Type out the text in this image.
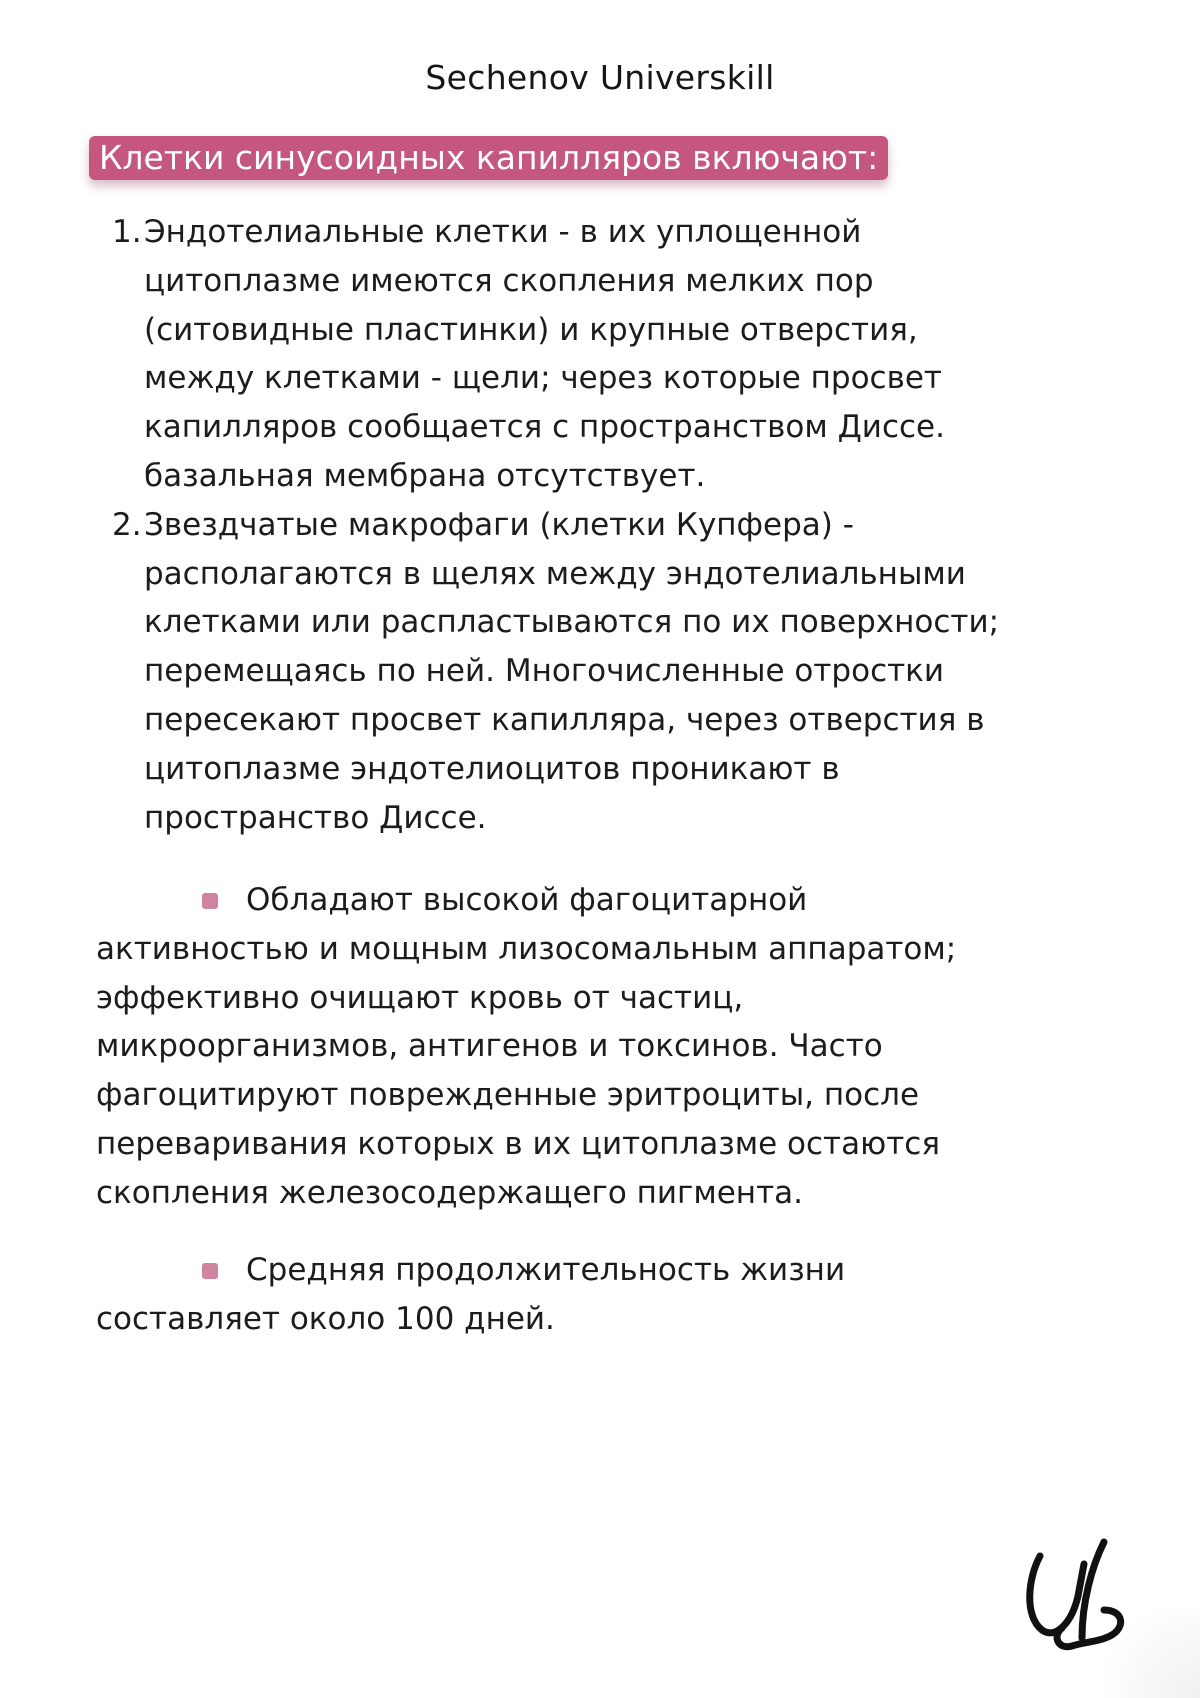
Sechenov Universkill
Клетки синусоидных капилляров включают:
1. Эндотелиальные клетки - в их уплощенной
цитоплазме имеются скопления мелких пор
(ситовидные пластинки) и крупные отверстия,
между клетками - щели; через которые просвет
капилляров сообщается с пространством Диссе.
базальная мембрана отсутствует.
2. Звездчатые макрофаги (клетки Купфера) -
располагаются в щелях между эндотелиальными
клетками или распластываются по их поверхности;
перемещаясь по ней. Многочисленные отростки
пересекают просвет капилляра, через отверстия в
цитоплазме эндотелиоцитов проникают в
пространство Диссе.

Обладают высокой фагоцитарной
активностью и мощным лизосомальным аппаратом;
эффективно очищают кровь от частиц,
микроорганизмов, антигенов и токсинов. Часто
фагоцитируют поврежденные эритроциты, после
переваривания которых в их цитоплазме остаются
скопления железосодержащего пигмента.

Средняя продолжительность жизни
составляет около 100 дней.
